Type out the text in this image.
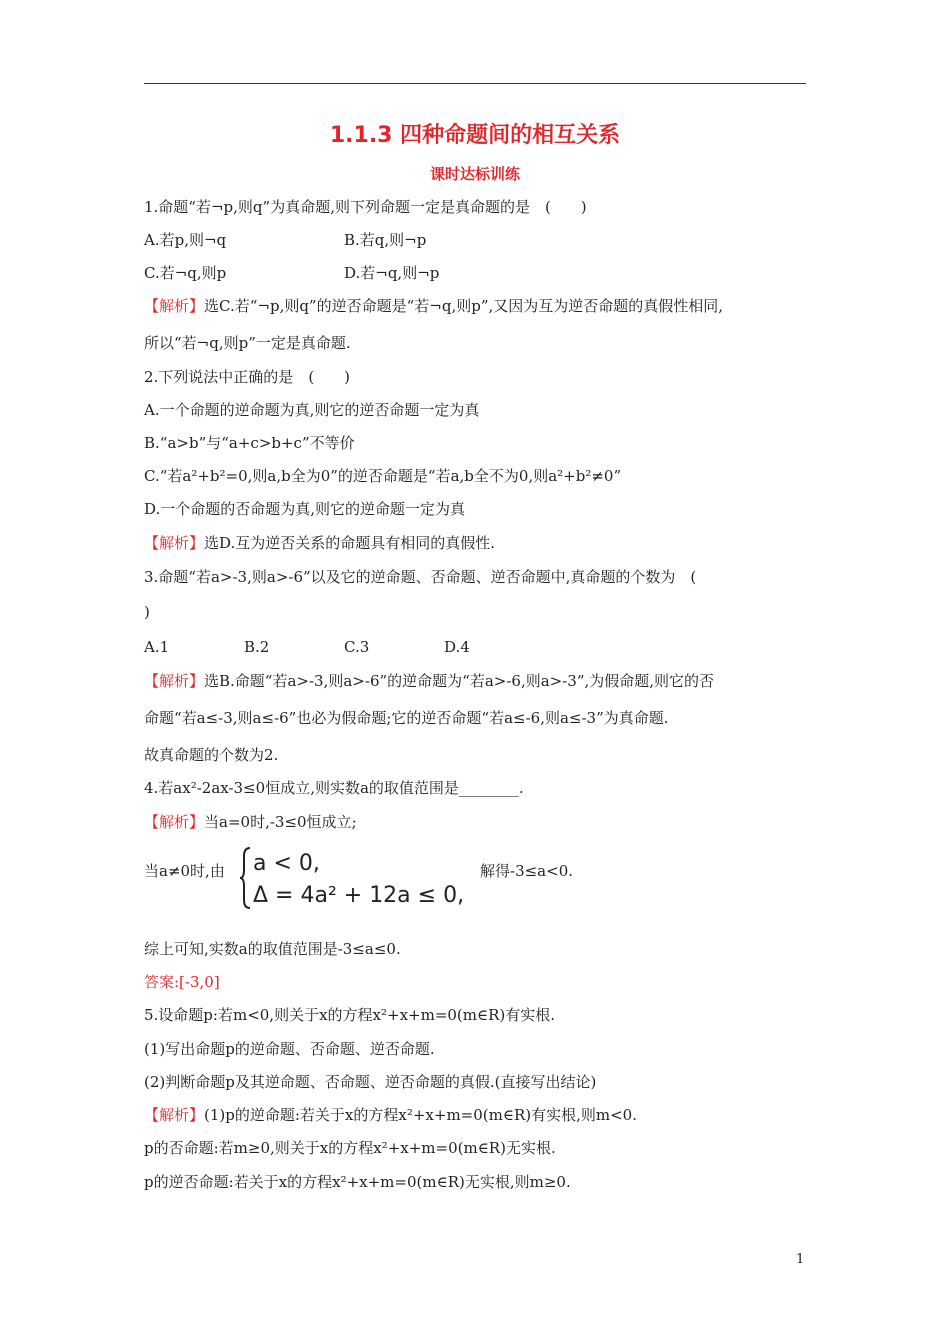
1.1.3 四种命题间的相互关系
课时达标训练
1.命题“若¬p,则q”为真命题,则下列命题一定是真命题的是　(　　)
A.若p,则¬q	B.若q,则¬p
C.若¬q,则p	D.若¬q,则¬p
【解析】选C.若“¬p,则q”的逆否命题是“若¬q,则p”,又因为互为逆否命题的真假性相同,
所以“若¬q,则p”一定是真命题.
2.下列说法中正确的是　(　　)
A.一个命题的逆命题为真,则它的逆否命题一定为真
B.“a>b”与“a+c>b+c”不等价
C.“若a²+b²=0,则a,b全为0”的逆否命题是“若a,b全不为0,则a²+b²≠0”
D.一个命题的否命题为真,则它的逆命题一定为真
【解析】选D.互为逆否关系的命题具有相同的真假性.
3.命题“若a>-3,则a>-6”以及它的逆命题、否命题、逆否命题中,真命题的个数为　(
)
A.1	B.2	C.3	D.4
【解析】选B.命题“若a>-3,则a>-6”的逆命题为“若a>-6,则a>-3”,为假命题,则它的否
命题“若a≤-3,则a≤-6”也必为假命题;它的逆否命题“若a≤-6,则a≤-3”为真命题.
故真命题的个数为2.
4.若ax²-2ax-3≤0恒成立,则实数a的取值范围是________.
【解析】当a=0时,-3≤0恒成立;
当a≠0时,由 a < 0,
Δ = 4a² + 12a ≤ 0,
解得-3≤a<0.
综上可知,实数a的取值范围是-3≤a≤0.
答案:[-3,0]
5.设命题p:若m<0,则关于x的方程x²+x+m=0(m∈R)有实根.
(1)写出命题p的逆命题、否命题、逆否命题.
(2)判断命题p及其逆命题、否命题、逆否命题的真假.(直接写出结论)
【解析】(1)p的逆命题:若关于x的方程x²+x+m=0(m∈R)有实根,则m<0.
p的否命题:若m≥0,则关于x的方程x²+x+m=0(m∈R)无实根.
p的逆否命题:若关于x的方程x²+x+m=0(m∈R)无实根,则m≥0.
1
